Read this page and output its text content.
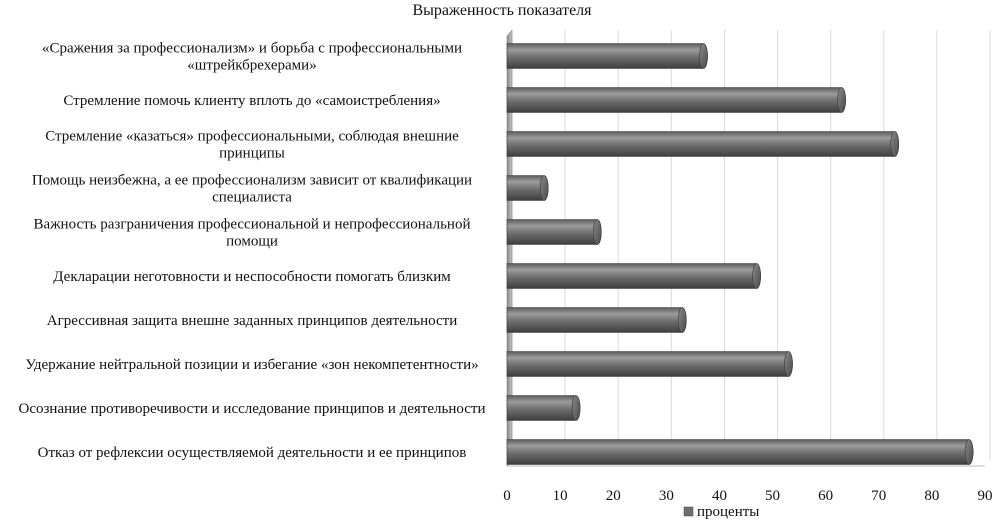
Выраженность показателя
«Сражения за профессионализм» и борьба с профессиональными «штрейкбрехерами»
Стремление помочь клиенту вплоть до «самоистребления»
Стремление «казаться» профессиональными, соблюдая внешние принципы
Помощь неизбежна, а ее профессионализм зависит от квалификации специалиста
Важность разграничения профессиональной и непрофессиональной помощи
Декларации неготовности и неспособности помогать близким
Агрессивная защита внешне заданных принципов деятельности
Удержание нейтральной позиции и избегание «зон некомпетентности»
Осознание противоречивости и исследование принципов и деятельности
Отказ от рефлексии осуществляемой деятельности и ее принципов
0	10	20	30	40	50	60	70	80	90
проценты
